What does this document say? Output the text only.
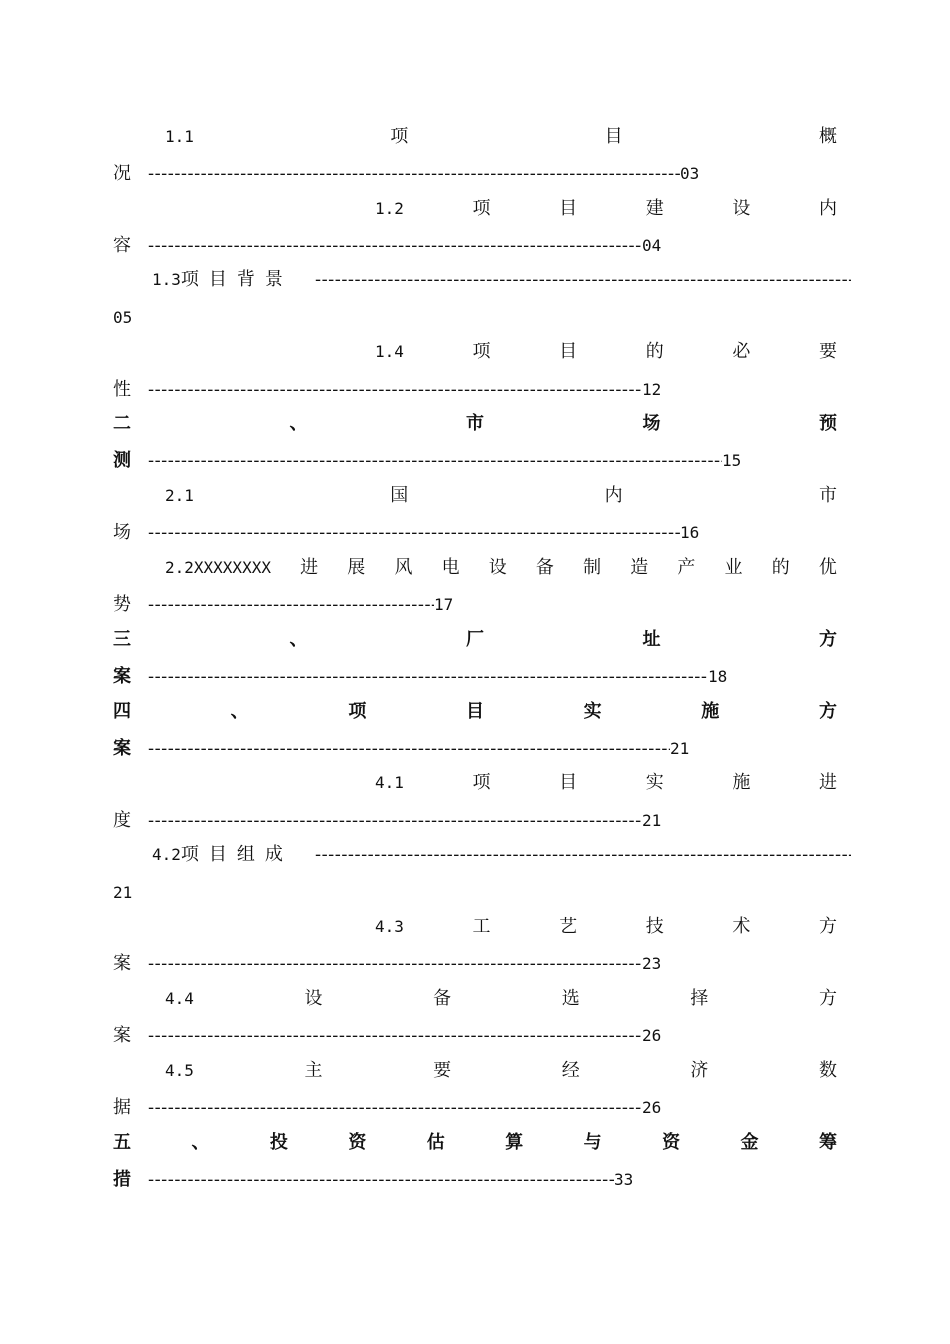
1.1	项	目	概
况 -----	03
1.2	项	目	建	设	内
容 -----	04
1.3 项 目 背 景
-----
05
1.4	项	目	的	必	要
性 -----	12
二	、	市	场	预
测 -----	15
2.1	国	内	市
场 -----	16
2.2XXXXXXXX 进 展 风 电 设 备 制 造 产 业 的 优
势 -----	17
三	、	厂	址	方
案 -----	18
四	、	项	目	实	施	方
案 -----	21
4.1	项	目	实	施	进
度 -----	21
4.2 项 目 组 成
-----
21
4.3	工	艺	技	术	方
案 -----	23
4.4	设	备	选	择	方
案 -----	26
4.5	主	要	经	济	数
据 -----	26
五	、	投	资	估	算	与	资	金	筹
措 -----	33
